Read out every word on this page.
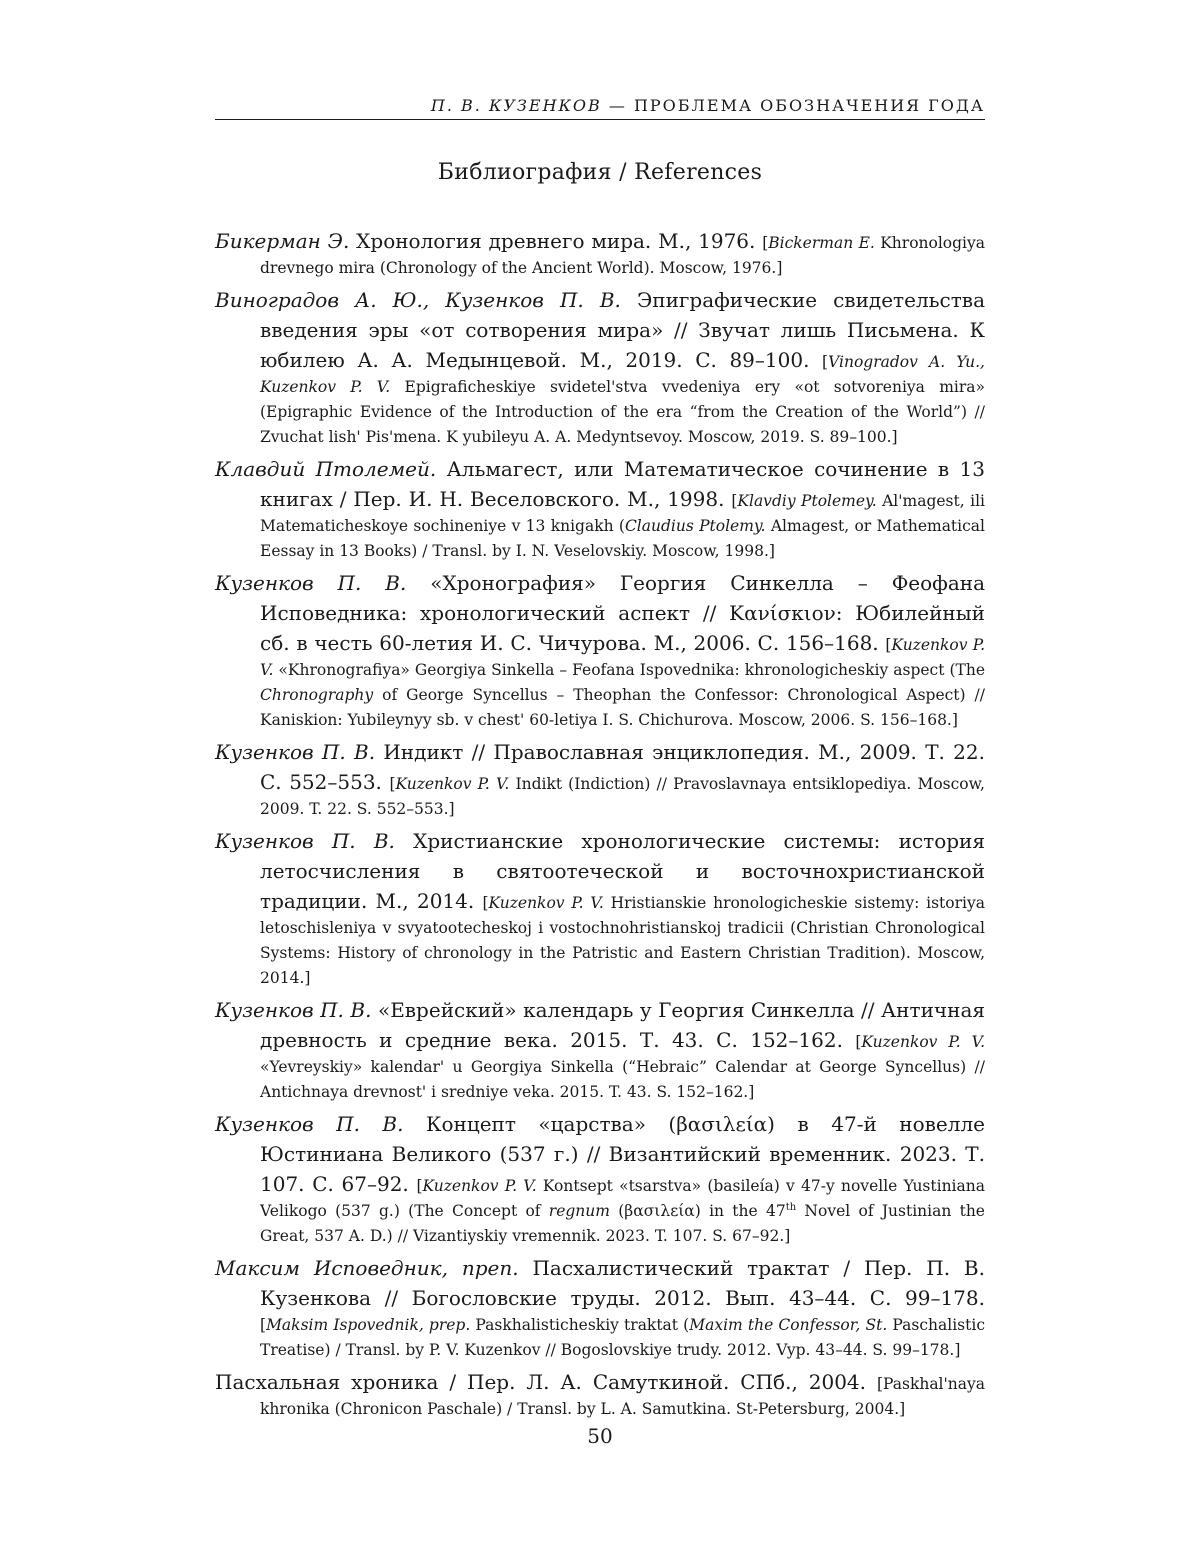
П. В. КУЗЕНКОВ — ПРОБЛЕМА ОБОЗНАЧЕНИЯ ГОДА
Библиография / References

Бикерман Э. Хронология древнего мира. М., 1976. [Bickerman E. Khronologiya drevnego mira (Chronology of the Ancient World). Moscow, 1976.]

Виноградов А. Ю., Кузенков П. В. Эпиграфические свидетельства введения эры «от сотворения мира» // Звучат лишь Письмена. К юбилею А. А. Медынцевой. М., 2019. С. 89–100. [Vinogradov A. Yu., Kuzenkov P. V. Epigraficheskiye svidetel'stva vvedeniya ery «ot sotvoreniya mira» (Epigraphic Evidence of the Introduction of the era “from the Creation of the World”) // Zvuchat lish' Pis'mena. K yubileyu A. A. Medyntsevoy. Moscow, 2019. S. 89–100.]

Клавдий Птолемей. Альмагест, или Математическое сочинение в 13 книгах / Пер. И. Н. Веселовского. М., 1998. [Klavdiy Ptolemey. Al'magest, ili Matematicheskoye sochineniye v 13 knigakh (Claudius Ptolemy. Almagest, or Mathematical Eessay in 13 Books) / Transl. by I. N. Veselovskiy. Moscow, 1998.]

Кузенков П. В. «Хронография» Георгия Синкелла – Феофана Исповедника: хронологический аспект // Κανίσκιον: Юбилейный сб. в честь 60-летия И. С. Чичурова. М., 2006. С. 156–168. [Kuzenkov P. V. «Khronografiya» Georgiya Sinkella – Feofana Ispovednika: khronologicheskiy aspect (The Chronography of George Syncellus – Theophan the Confessor: Chronological Aspect) // Kaniskion: Yubileynyy sb. v chest' 60-letiya I. S. Chichurova. Moscow, 2006. S. 156–168.]

Кузенков П. В. Индикт // Православная энциклопедия. М., 2009. Т. 22. С. 552–553. [Kuzenkov P. V. Indikt (Indiction) // Pravoslavnaya entsiklopediya. Moscow, 2009. T. 22. S. 552–553.]

Кузенков П. В. Христианские хронологические системы: история летосчисления в святоотеческой и восточнохристианской традиции. М., 2014. [Kuzenkov P. V. Hristianskie hronologicheskie sistemy: istoriya letoschisleniya v svyatootecheskoj i vostochnohristianskoj tradicii (Christian Chronological Systems: History of chronology in the Patristic and Eastern Christian Tradition). Moscow, 2014.]

Кузенков П. В. «Еврейский» календарь у Георгия Синкелла // Античная древность и средние века. 2015. Т. 43. С. 152–162. [Kuzenkov P. V. «Yevreyskiy» kalendar' u Georgiya Sinkella (“Hebraic” Calendar at George Syncellus) // Antichnaya drevnost' i sredniye veka. 2015. T. 43. S. 152–162.]

Кузенков П. В. Концепт «царства» (βασιλεία) в 47-й новелле Юстиниана Великого (537 г.) // Византийский временник. 2023. Т. 107. С. 67–92. [Kuzenkov P. V. Kontsept «tsarstva» (basileía) v 47-y novelle Yustiniana Velikogo (537 g.) (The Concept of regnum (βασιλεία) in the 47th Novel of Justinian the Great, 537 A. D.) // Vizantiyskiy vremennik. 2023. T. 107. S. 67–92.]

Максим Исповедник, преп. Пасхалистический трактат / Пер. П. В. Кузенкова // Богословские труды. 2012. Вып. 43–44. С. 99–178. [Maksim Ispovednik, prep. Paskhalisticheskiy traktat (Maxim the Confessor, St. Paschalistic Treatise) / Transl. by P. V. Kuzenkov // Bogoslovskiye trudy. 2012. Vyp. 43–44. S. 99–178.]

Пасхальная хроника / Пер. Л. А. Самуткиной. СПб., 2004. [Paskhal'naya khronika (Chronicon Paschale) / Transl. by L. A. Samutkina. St-Petersburg, 2004.]

50
